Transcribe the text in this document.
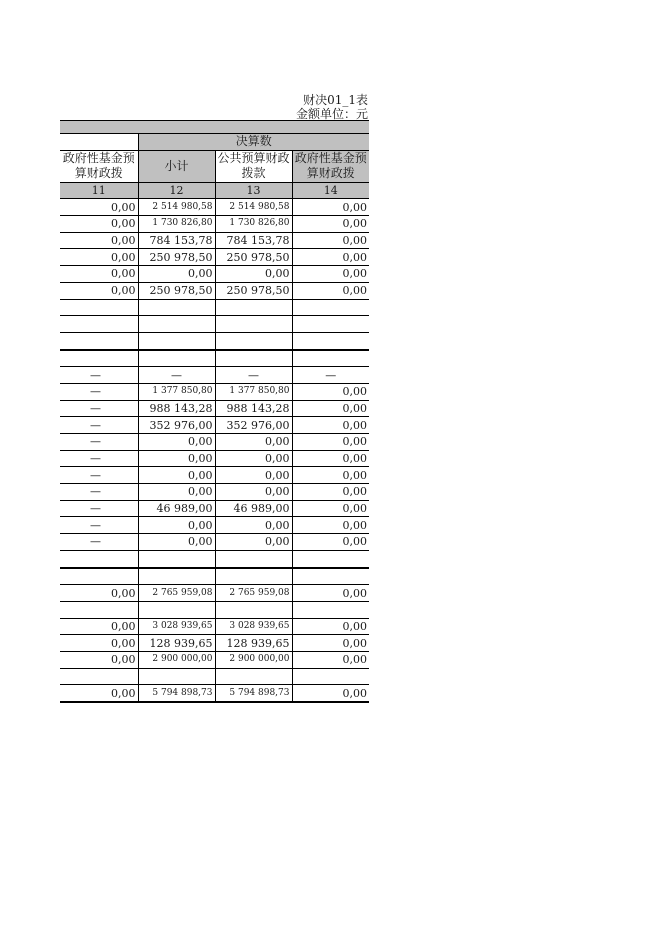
财决01_1表
金额单位：元

	决算数		
政府性基金预算财政拨	小计	公共预算财政拨款	政府性基金预算财政拨
11	12	13	14
0,00	2 514 980,58	2 514 980,58	0,00
0,00	1 730 826,80	1 730 826,80	0,00
0,00	784 153,78	784 153,78	0,00
0,00	250 978,50	250 978,50	0,00
0,00	0,00	0,00	0,00
0,00	250 978,50	250 978,50	0,00

—	—	—	—
—	1 377 850,80	1 377 850,80	0,00
—	988 143,28	988 143,28	0,00
—	352 976,00	352 976,00	0,00
—	0,00	0,00	0,00
—	0,00	0,00	0,00
—	0,00	0,00	0,00
—	0,00	0,00	0,00
—	46 989,00	46 989,00	0,00
—	0,00	0,00	0,00
—	0,00	0,00	0,00

0,00	2 765 959,08	2 765 959,08	0,00

0,00	3 028 939,65	3 028 939,65	0,00
0,00	128 939,65	128 939,65	0,00
0,00	2 900 000,00	2 900 000,00	0,00

0,00	5 794 898,73	5 794 898,73	0,00
